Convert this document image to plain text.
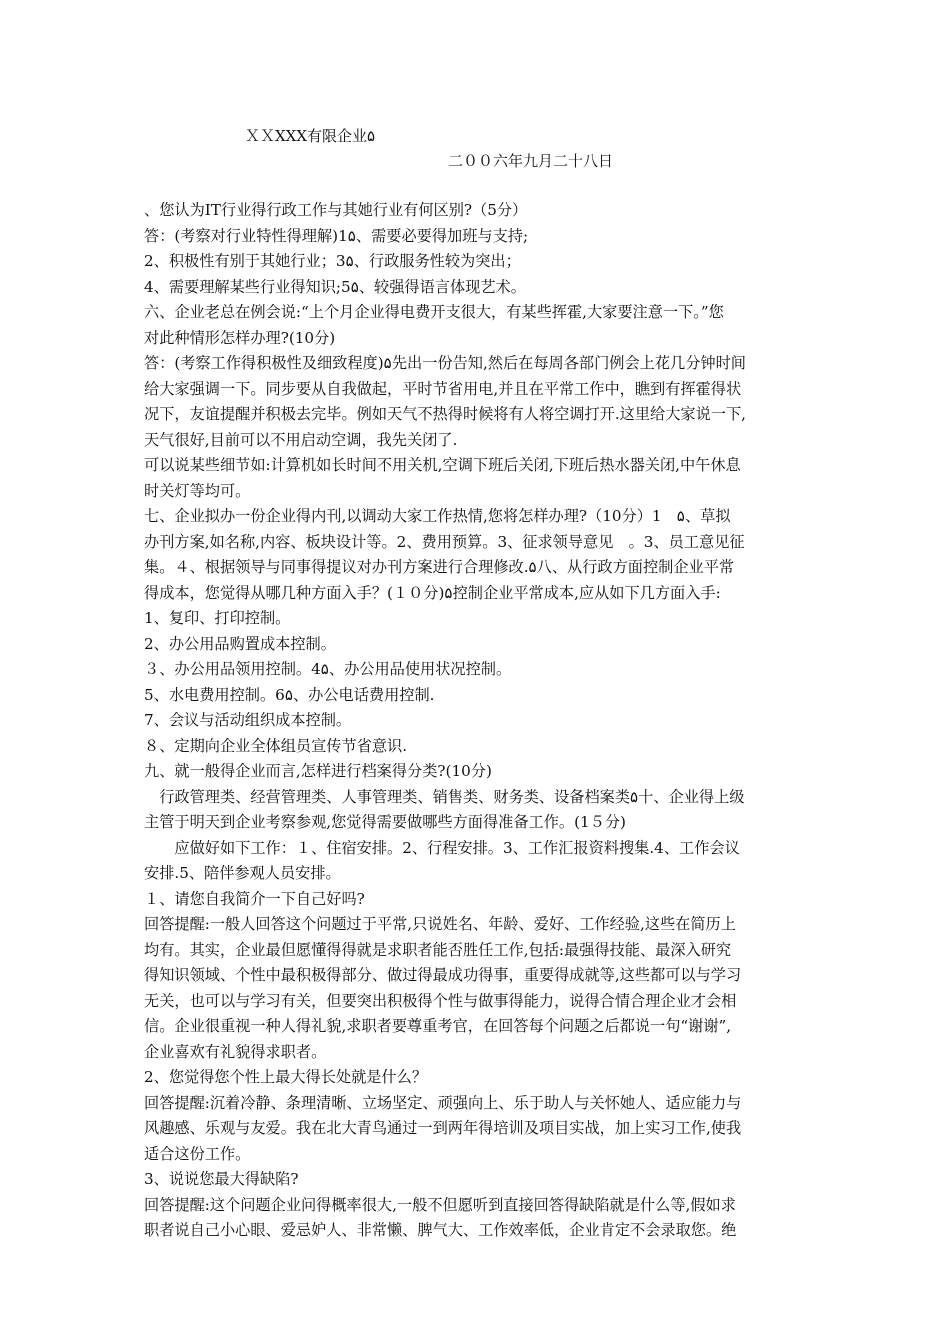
ＸＸXXX有限企业۵
二００六年九月二十八日
、您认为IT行业得行政工作与其她行业有何区别?（5分）
答：(考察对行业特性得理解)1۵、需要必要得加班与支持;
2、积极性有别于其她行业；3۵、行政服务性较为突出；
4、需要理解某些行业得知识;5۵、较强得语言体现艺术。
六、企业老总在例会说:“上个月企业得电费开支很大，有某些挥霍,大家要注意一下。”您
对此种情形怎样办理?(10分)
答：(考察工作得积极性及细致程度)۵先出一份告知,然后在每周各部门例会上花几分钟时间
给大家强调一下。同步要从自我做起，平时节省用电,并且在平常工作中，瞧到有挥霍得状
况下，友谊提醒并积极去完毕。例如天气不热得时候将有人将空调打开.这里给大家说一下,
天气很好,目前可以不用启动空调，我先关闭了.
可以说某些细节如:计算机如长时间不用关机,空调下班后关闭,下班后热水器关闭,中午休息
时关灯等均可。
七、企业拟办一份企业得内刊,以调动大家工作热情,您将怎样办理?（10分）1　۵、草拟
办刊方案,如名称,内容、板块设计等。2、费用预算。3、征求领导意见　。3、员工意见征
集。４、根据领导与同事得提议对办刊方案进行合理修改.۵八、从行政方面控制企业平常
得成本，您觉得从哪几种方面入手？(１０分)۵控制企业平常成本,应从如下几方面入手:
1、复印、打印控制。
2、办公用品购置成本控制。
３、办公用品领用控制。4۵、办公用品使用状况控制。
5、水电费用控制。6۵、办公电话费用控制.
7、会议与活动组织成本控制。
８、定期向企业全体组员宣传节省意识.
九、就一般得企业而言,怎样进行档案得分类?(10分)
　行政管理类、经营管理类、人事管理类、销售类、财务类、设备档案类۵十、企业得上级
主管于明天到企业考察参观,您觉得需要做哪些方面得准备工作。(1５分)
　　应做好如下工作：１、住宿安排。2、行程安排。3、工作汇报资料搜集.4、工作会议
安排.5、陪伴参观人员安排。
１、请您自我简介一下自己好吗?
回答提醒:一般人回答这个问题过于平常,只说姓名、年龄、爱好、工作经验,这些在简历上
均有。其实，企业最但愿懂得得就是求职者能否胜任工作,包括:最强得技能、最深入研究
得知识领域、个性中最积极得部分、做过得最成功得事，重要得成就等,这些都可以与学习
无关，也可以与学习有关，但要突出积极得个性与做事得能力，说得合情合理企业才会相
信。企业很重视一种人得礼貌,求职者要尊重考官，在回答每个问题之后都说一句“谢谢”,
企业喜欢有礼貌得求职者。
2、您觉得您个性上最大得长处就是什么？
回答提醒:沉着冷静、条理清晰、立场坚定、顽强向上、乐于助人与关怀她人、适应能力与
风趣感、乐观与友爱。我在北大青鸟通过一到两年得培训及项目实战，加上实习工作,使我
适合这份工作。
3、说说您最大得缺陷?
回答提醒:这个问题企业问得概率很大,一般不但愿听到直接回答得缺陷就是什么等,假如求
职者说自己小心眼、爱忌妒人、非常懒、脾气大、工作效率低，企业肯定不会录取您。绝
